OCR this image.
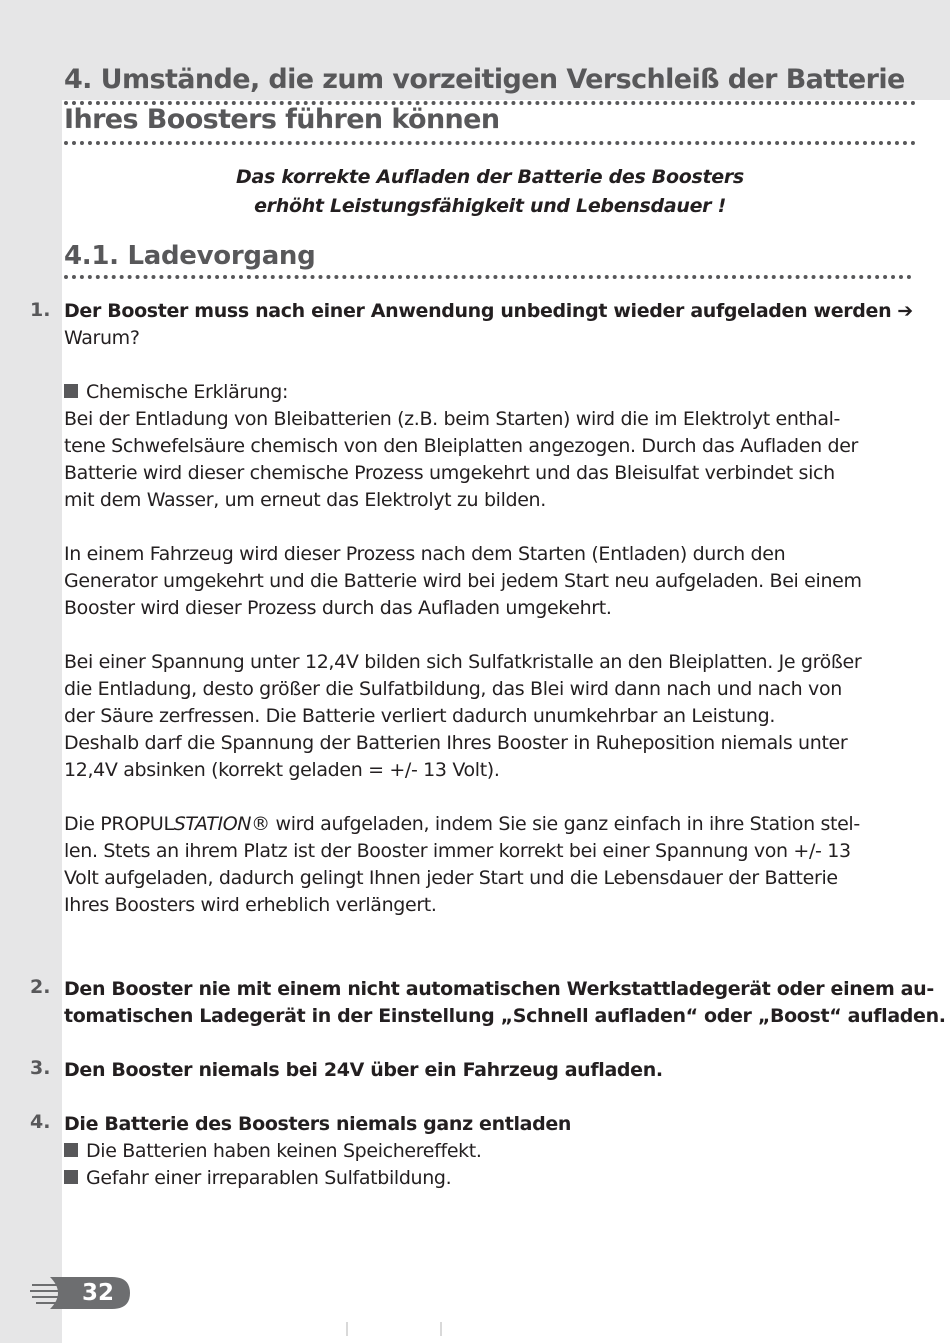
4. Umstände, die zum vorzeitigen Verschleiß der Batterie
Ihres Boosters führen können
Das korrekte Aufladen der Batterie des Boosters
erhöht Leistungsfähigkeit und Lebensdauer !
4.1. Ladevorgang
1. Der Booster muss nach einer Anwendung unbedingt wieder aufgeladen werden ➔
Warum?
Chemische Erklärung:

Bei der Entladung von Bleibatterien (z.B. beim Starten) wird die im Elektrolyt enthal-
tene Schwefelsäure chemisch von den Bleiplatten angezogen. Durch das Aufladen der
Batterie wird dieser chemische Prozess umgekehrt und das Bleisulfat verbindet sich
mit dem Wasser, um erneut das Elektrolyt zu bilden.

In einem Fahrzeug wird dieser Prozess nach dem Starten (Entladen) durch den
Generator umgekehrt und die Batterie wird bei jedem Start neu aufgeladen. Bei einem
Booster wird dieser Prozess durch das Aufladen umgekehrt.

Bei einer Spannung unter 12,4V bilden sich Sulfatkristalle an den Bleiplatten. Je größer
die Entladung, desto größer die Sulfatbildung, das Blei wird dann nach und nach von
der Säure zerfressen. Die Batterie verliert dadurch unumkehrbar an Leistung.
Deshalb darf die Spannung der Batterien Ihres Booster in Ruheposition niemals unter
12,4V absinken (korrekt geladen = +/- 13 Volt).

Die PROPULSTATION® wird aufgeladen, indem Sie sie ganz einfach in ihre Station stel-
len. Stets an ihrem Platz ist der Booster immer korrekt bei einer Spannung von +/- 13
Volt aufgeladen, dadurch gelingt Ihnen jeder Start und die Lebensdauer der Batterie
Ihres Boosters wird erheblich verlängert.

2. Den Booster nie mit einem nicht automatischen Werkstattladegerät oder einem au-
tomatischen Ladegerät in der Einstellung „Schnell aufladen“ oder „Boost“ aufladen.
3. Den Booster niemals bei 24V über ein Fahrzeug aufladen.
4. Die Batterie des Boosters niemals ganz entladen
Die Batterien haben keinen Speichereffekt.
Gefahr einer irreparablen Sulfatbildung.
32
